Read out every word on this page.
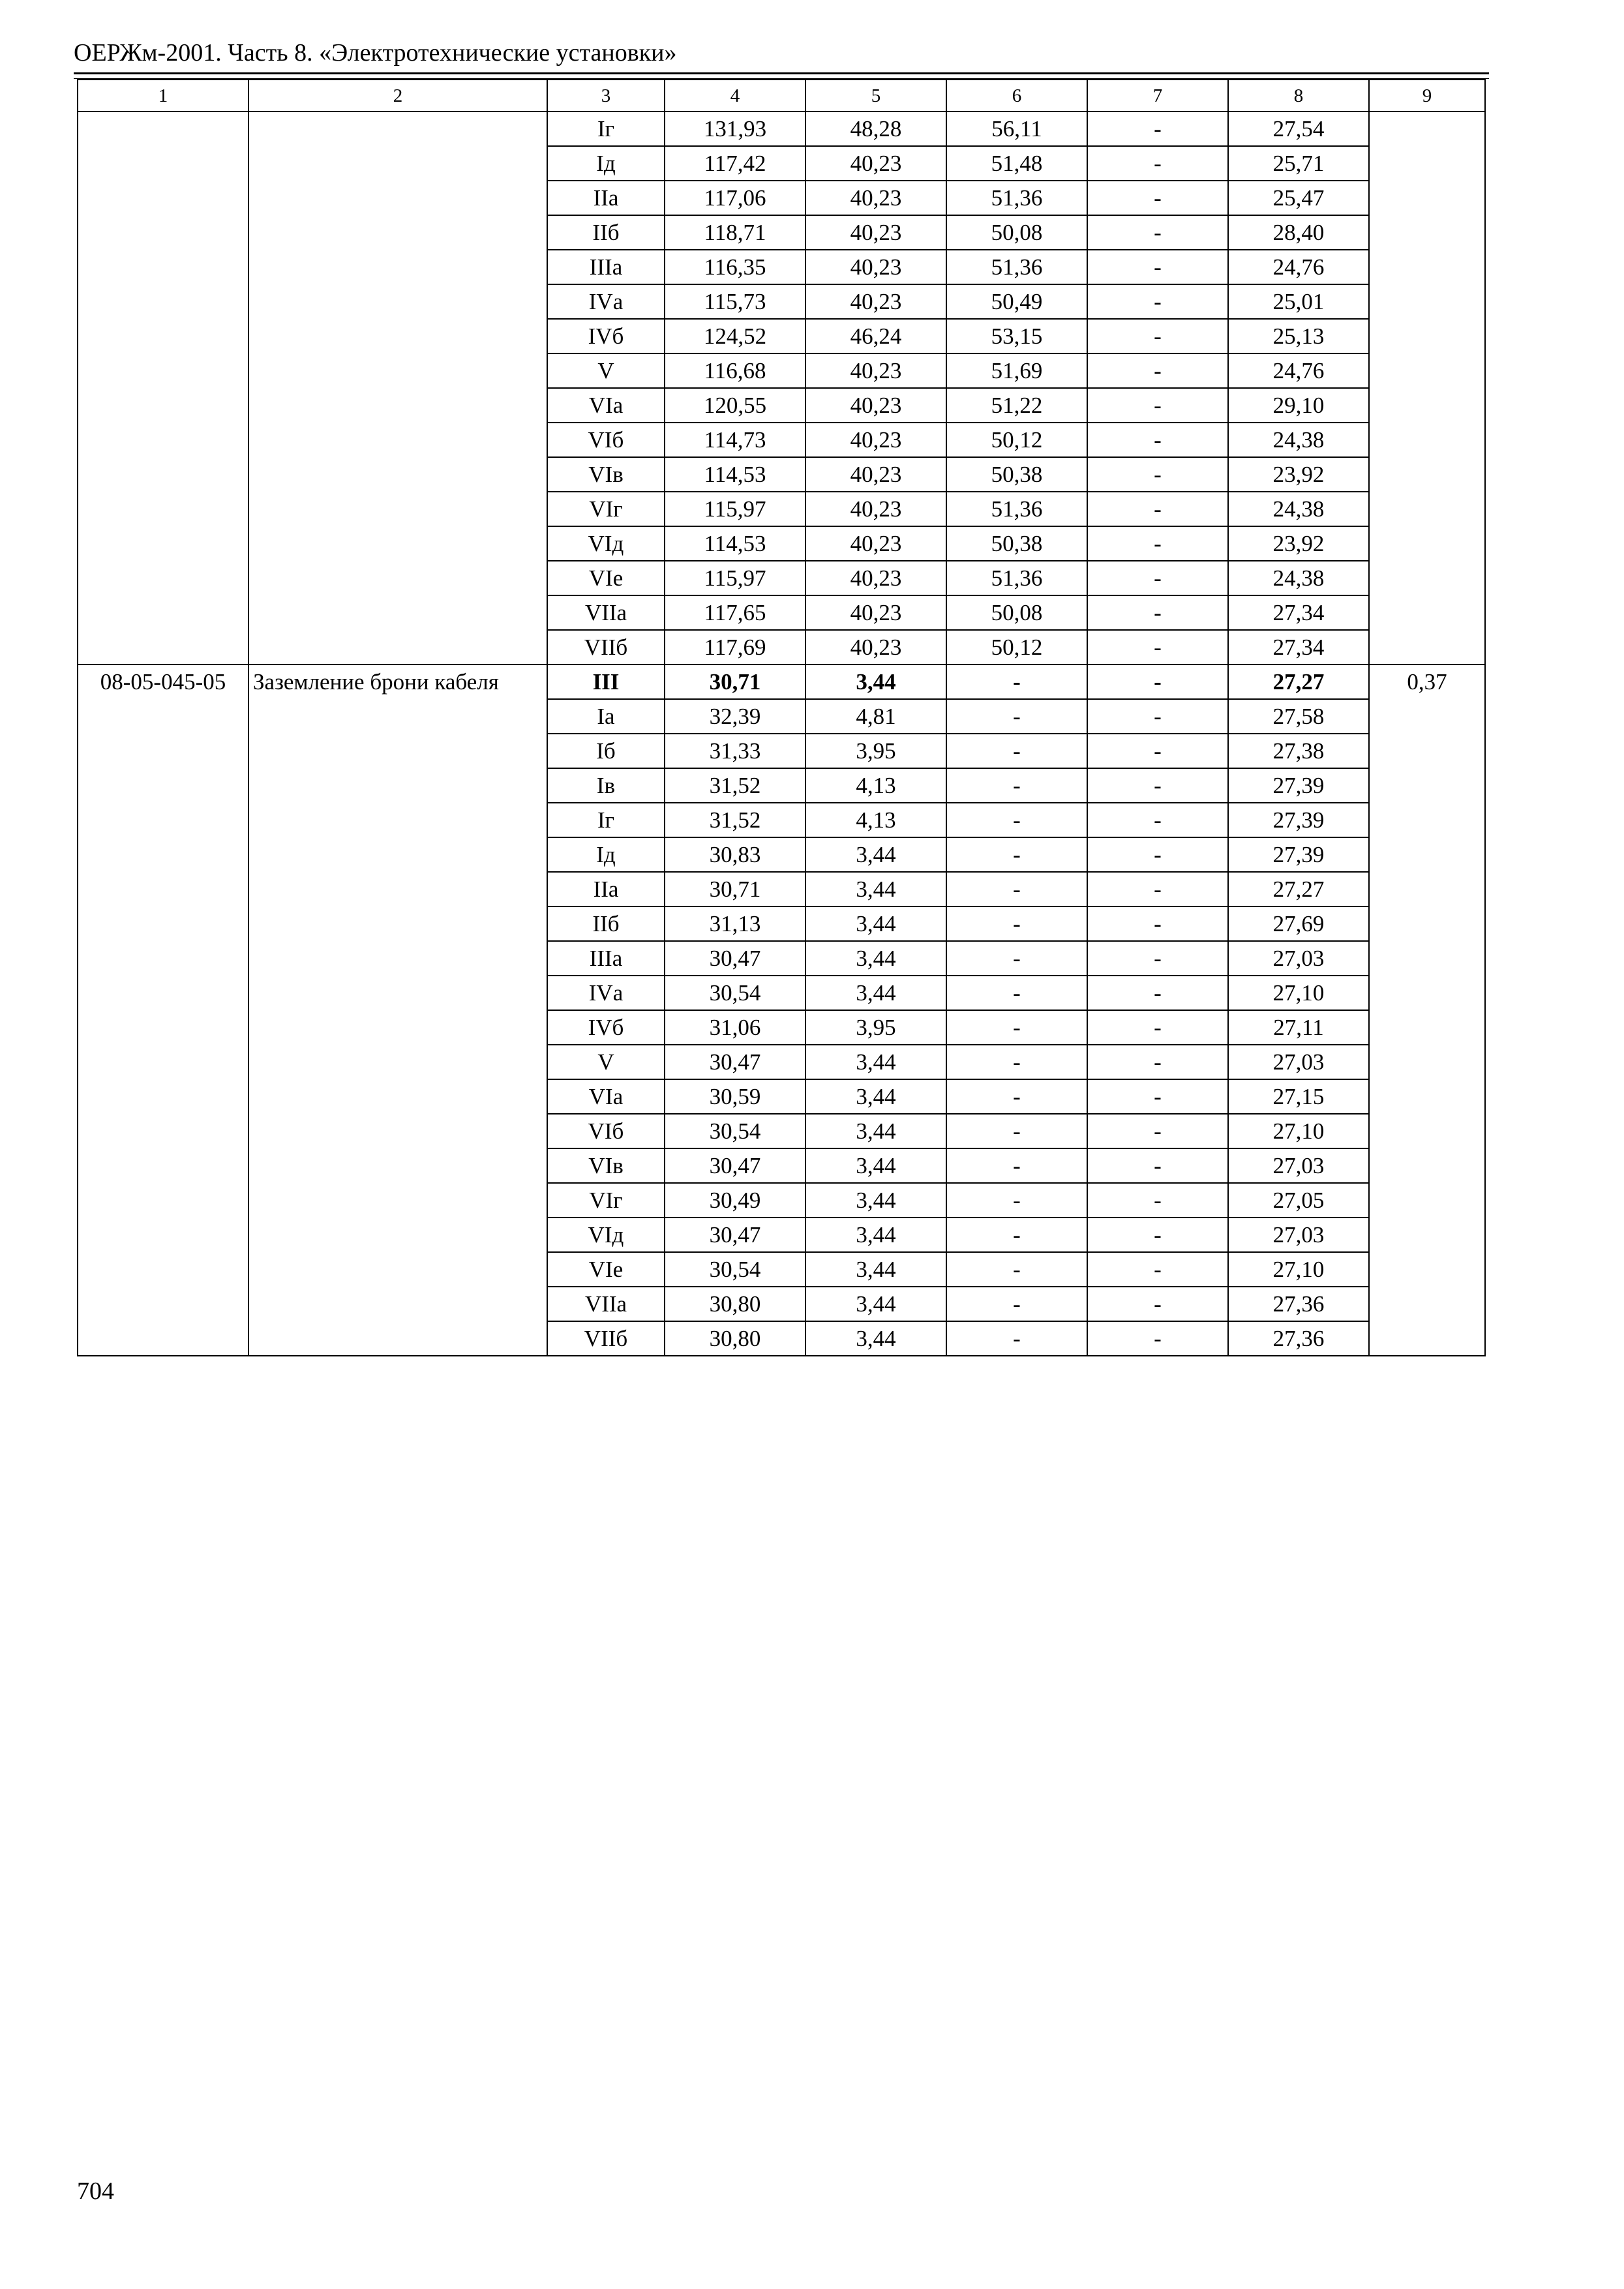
ОЕРЖм-2001. Часть 8. «Электротехнические установки»
1	2	3	4	5	6	7	8	9
		Iг	131,93	48,28	56,11	-	27,54	
		Iд	117,42	40,23	51,48	-	25,71	
		IIа	117,06	40,23	51,36	-	25,47	
		IIб	118,71	40,23	50,08	-	28,40	
		IIIа	116,35	40,23	51,36	-	24,76	
		IVа	115,73	40,23	50,49	-	25,01	
		IVб	124,52	46,24	53,15	-	25,13	
		V	116,68	40,23	51,69	-	24,76	
		VIа	120,55	40,23	51,22	-	29,10	
		VIб	114,73	40,23	50,12	-	24,38	
		VIв	114,53	40,23	50,38	-	23,92	
		VIг	115,97	40,23	51,36	-	24,38	
		VIд	114,53	40,23	50,38	-	23,92	
		VIе	115,97	40,23	51,36	-	24,38	
		VIIа	117,65	40,23	50,08	-	27,34	
		VIIб	117,69	40,23	50,12	-	27,34	
08-05-045-05	Заземление брони кабеля	III	30,71	3,44	-	-	27,27	0,37
		Iа	32,39	4,81	-	-	27,58	
		Iб	31,33	3,95	-	-	27,38	
		Iв	31,52	4,13	-	-	27,39	
		Iг	31,52	4,13	-	-	27,39	
		Iд	30,83	3,44	-	-	27,39	
		IIа	30,71	3,44	-	-	27,27	
		IIб	31,13	3,44	-	-	27,69	
		IIIа	30,47	3,44	-	-	27,03	
		IVа	30,54	3,44	-	-	27,10	
		IVб	31,06	3,95	-	-	27,11	
		V	30,47	3,44	-	-	27,03	
		VIа	30,59	3,44	-	-	27,15	
		VIб	30,54	3,44	-	-	27,10	
		VIв	30,47	3,44	-	-	27,03	
		VIг	30,49	3,44	-	-	27,05	
		VIд	30,47	3,44	-	-	27,03	
		VIе	30,54	3,44	-	-	27,10	
		VIIа	30,80	3,44	-	-	27,36	
		VIIб	30,80	3,44	-	-	27,36	
704
